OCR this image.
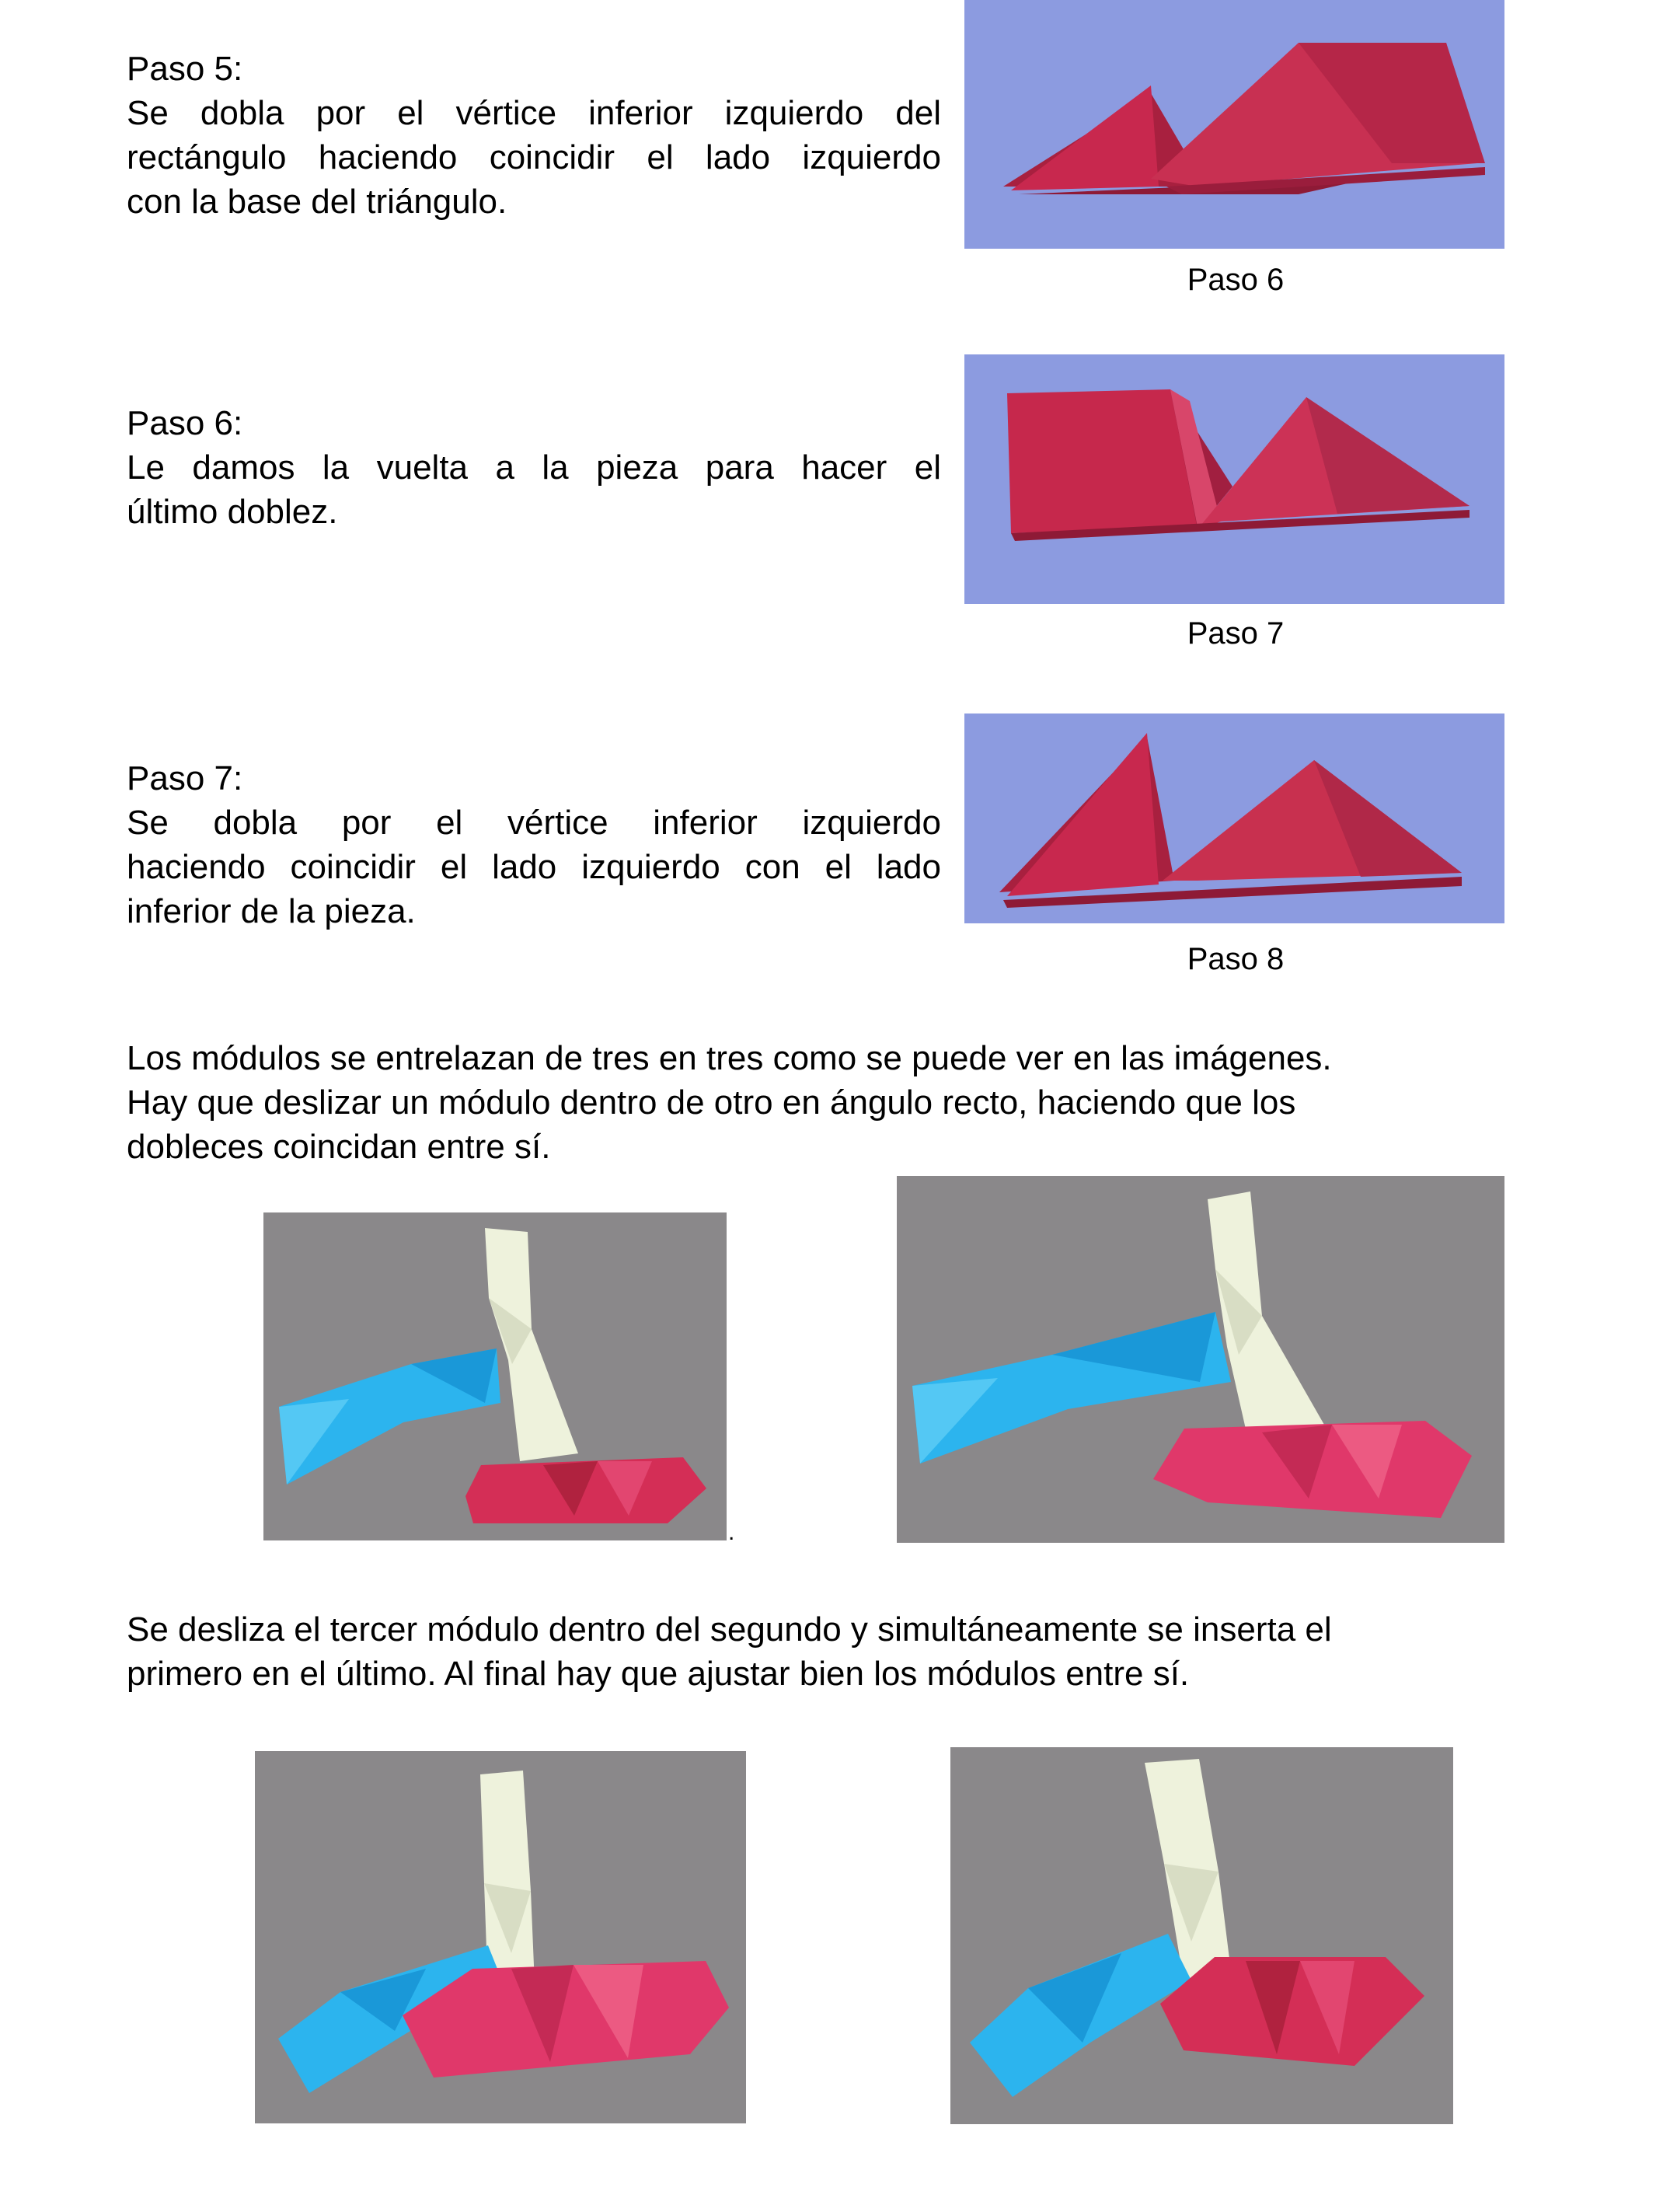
Paso 5:
Se dobla por el vértice inferior izquierdo del
rectángulo haciendo coincidir el lado izquierdo
con la base del triángulo.
Paso 6
Paso 6:
Le damos la vuelta a la pieza para hacer el
último doblez.
Paso 7
Paso 7:
Se dobla por el vértice inferior izquierdo
haciendo coincidir el lado izquierdo con el lado
inferior de la pieza.
Paso 8
Los módulos se entrelazan de tres en tres como se puede ver en las imágenes.
Hay que deslizar un módulo dentro de otro en ángulo recto, haciendo que los
dobleces coincidan entre sí.
.
Se desliza el tercer módulo dentro del segundo y simultáneamente se inserta el
primero en el último. Al final hay que ajustar bien los módulos entre sí.
